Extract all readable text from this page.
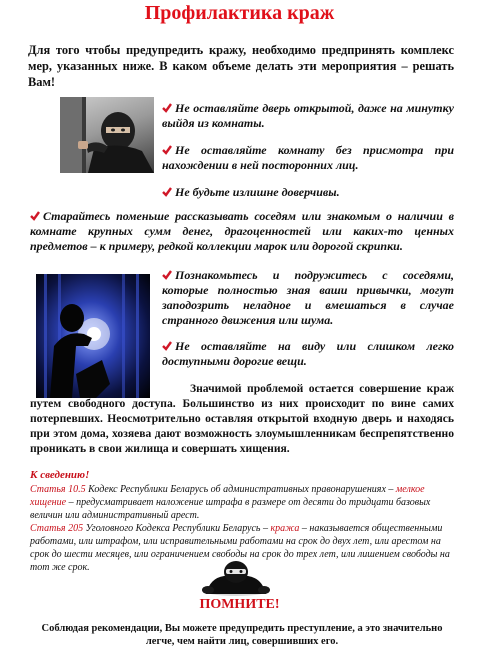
Профилактика краж
Для того чтобы предупредить кражу, необходимо предпринять комплекс мер, указанных ниже. В каком объеме делать эти мероприятия – решать Вам!
Не оставляйте дверь открытой, даже на минутку выйдя из комнаты.
Не оставляйте комнату без присмотра при нахождении в ней посторонних лиц.
Не будьте излишне доверчивы.
Старайтесь поменьше рассказывать соседям или знакомым о наличии в комнате крупных сумм денег, драгоценностей или каких-то ценных предметов – к примеру, редкой коллекции марок или дорогой скрипки.
Познакомьтесь и подружитесь с соседями, которые полностью зная ваши привычки, могут заподозрить неладное и вмешаться в случае странного движения или шума.
Не оставляйте на виду или слишком легко доступными дорогие вещи.
Значимой проблемой остается совершение краж путем свободного доступа. Большинство из них происходит по вине самих потерпевших. Неосмотрительно оставляя открытой входную дверь и находясь при этом дома, хозяева дают возможность злоумышленникам беспрепятственно проникать в свои жилища и совершать хищения.
К сведению!
Статья 10.5 Кодекс Республики Беларусь об административных правонарушениях – мелкое хищение – предусматривает наложение штрафа в размере от десяти до тридцати базовых величин или административный арест.
Статья 205 Уголовного Кодекса Республики Беларусь – кража – наказывается общественными работами, или штрафом, или исправительными работами на срок до двух лет, или арестом на срок до шести месяцев, или ограничением свободы на срок до трех лет, или лишением свободы на тот же срок.
ПОМНИТЕ!
Соблюдая рекомендации, Вы можете предупредить преступление, а это значительно легче, чем найти лиц, совершивших его.
